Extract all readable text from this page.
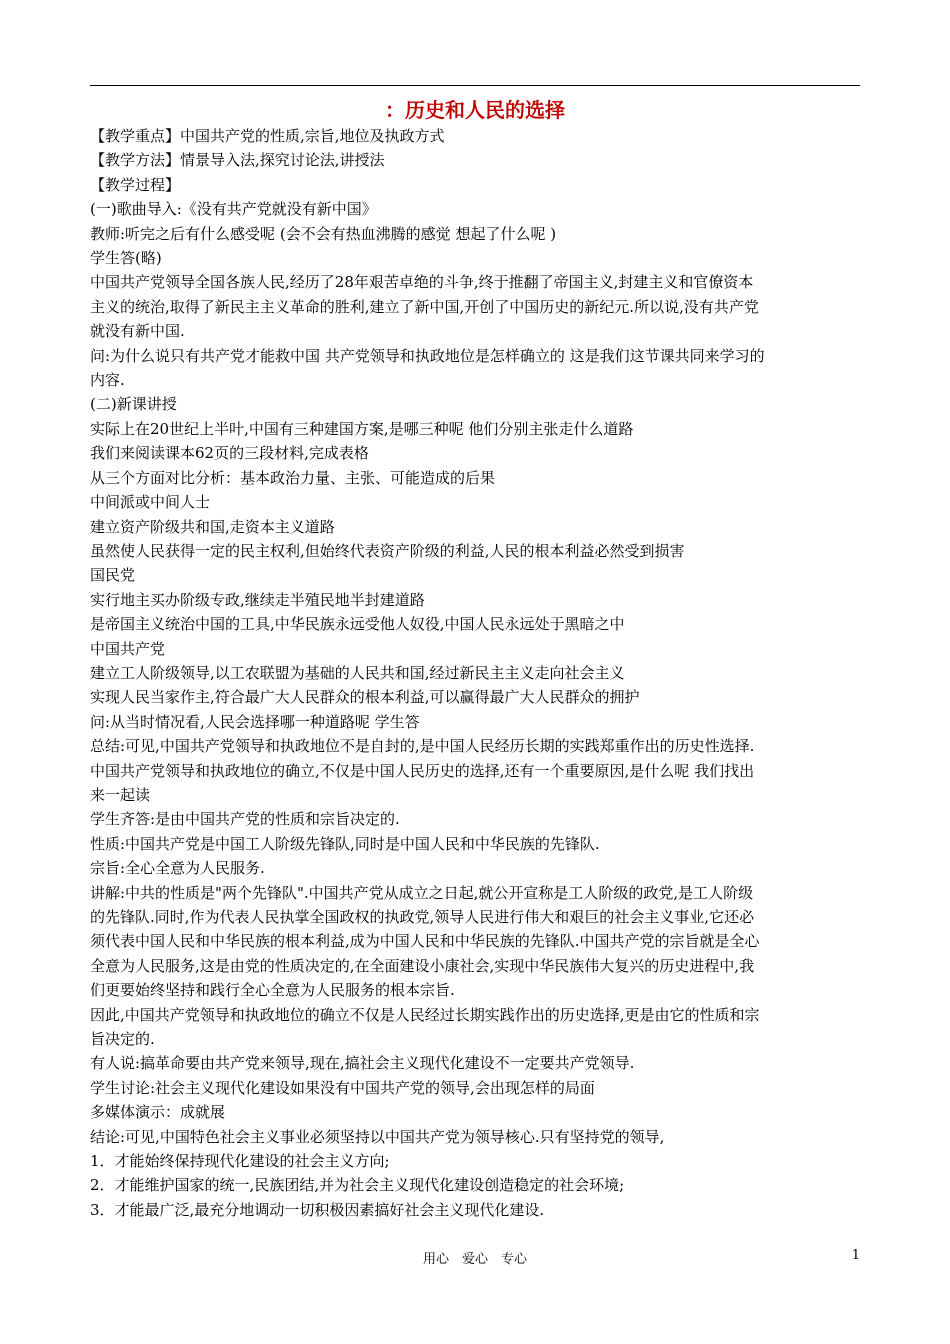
：历史和人民的选择

【教学重点】中国共产党的性质,宗旨,地位及执政方式

【教学方法】情景导入法,探究讨论法,讲授法

【教学过程】

(一)歌曲导入:《没有共产党就没有新中国》

教师:听完之后有什么感受呢 (会不会有热血沸腾的感觉 想起了什么呢 )

学生答(略)

中国共产党领导全国各族人民,经历了28年艰苦卓绝的斗争,终于推翻了帝国主义,封建主义和官僚资本

主义的统治,取得了新民主主义革命的胜利,建立了新中国,开创了中国历史的新纪元.所以说,没有共产党

就没有新中国.

问:为什么说只有共产党才能救中国 共产党领导和执政地位是怎样确立的 这是我们这节课共同来学习的

内容.

(二)新课讲授

实际上在20世纪上半叶,中国有三种建国方案,是哪三种呢 他们分别主张走什么道路

我们来阅读课本62页的三段材料,完成表格

从三个方面对比分析：基本政治力量、主张、可能造成的后果

中间派或中间人士

建立资产阶级共和国,走资本主义道路

虽然使人民获得一定的民主权利,但始终代表资产阶级的利益,人民的根本利益必然受到损害

国民党

实行地主买办阶级专政,继续走半殖民地半封建道路

是帝国主义统治中国的工具,中华民族永远受他人奴役,中国人民永远处于黑暗之中

中国共产党

建立工人阶级领导,以工农联盟为基础的人民共和国,经过新民主主义走向社会主义

实现人民当家作主,符合最广大人民群众的根本利益,可以赢得最广大人民群众的拥护

问:从当时情况看,人民会选择哪一种道路呢 学生答

总结:可见,中国共产党领导和执政地位不是自封的,是中国人民经历长期的实践郑重作出的历史性选择.

中国共产党领导和执政地位的确立,不仅是中国人民历史的选择,还有一个重要原因,是什么呢 我们找出

来一起读

学生齐答:是由中国共产党的性质和宗旨决定的.

性质:中国共产党是中国工人阶级先锋队,同时是中国人民和中华民族的先锋队.

宗旨:全心全意为人民服务.

讲解:中共的性质是"两个先锋队".中国共产党从成立之日起,就公开宣称是工人阶级的政党,是工人阶级

的先锋队.同时,作为代表人民执掌全国政权的执政党,领导人民进行伟大和艰巨的社会主义事业,它还必

须代表中国人民和中华民族的根本利益,成为中国人民和中华民族的先锋队.中国共产党的宗旨就是全心

全意为人民服务,这是由党的性质决定的,在全面建设小康社会,实现中华民族伟大复兴的历史进程中,我

们更要始终坚持和践行全心全意为人民服务的根本宗旨.

因此,中国共产党领导和执政地位的确立不仅是人民经过长期实践作出的历史选择,更是由它的性质和宗

旨决定的.

有人说:搞革命要由共产党来领导,现在,搞社会主义现代化建设不一定要共产党领导.

学生讨论:社会主义现代化建设如果没有中国共产党的领导,会出现怎样的局面

多媒体演示：成就展

结论:可见,中国特色社会主义事业必须坚持以中国共产党为领导核心.只有坚持党的领导,

1．才能始终保持现代化建设的社会主义方向;

2．才能维护国家的统一,民族团结,并为社会主义现代化建设创造稳定的社会环境;

3．才能最广泛,最充分地调动一切积极因素搞好社会主义现代化建设.

用心　爱心　专心	1
